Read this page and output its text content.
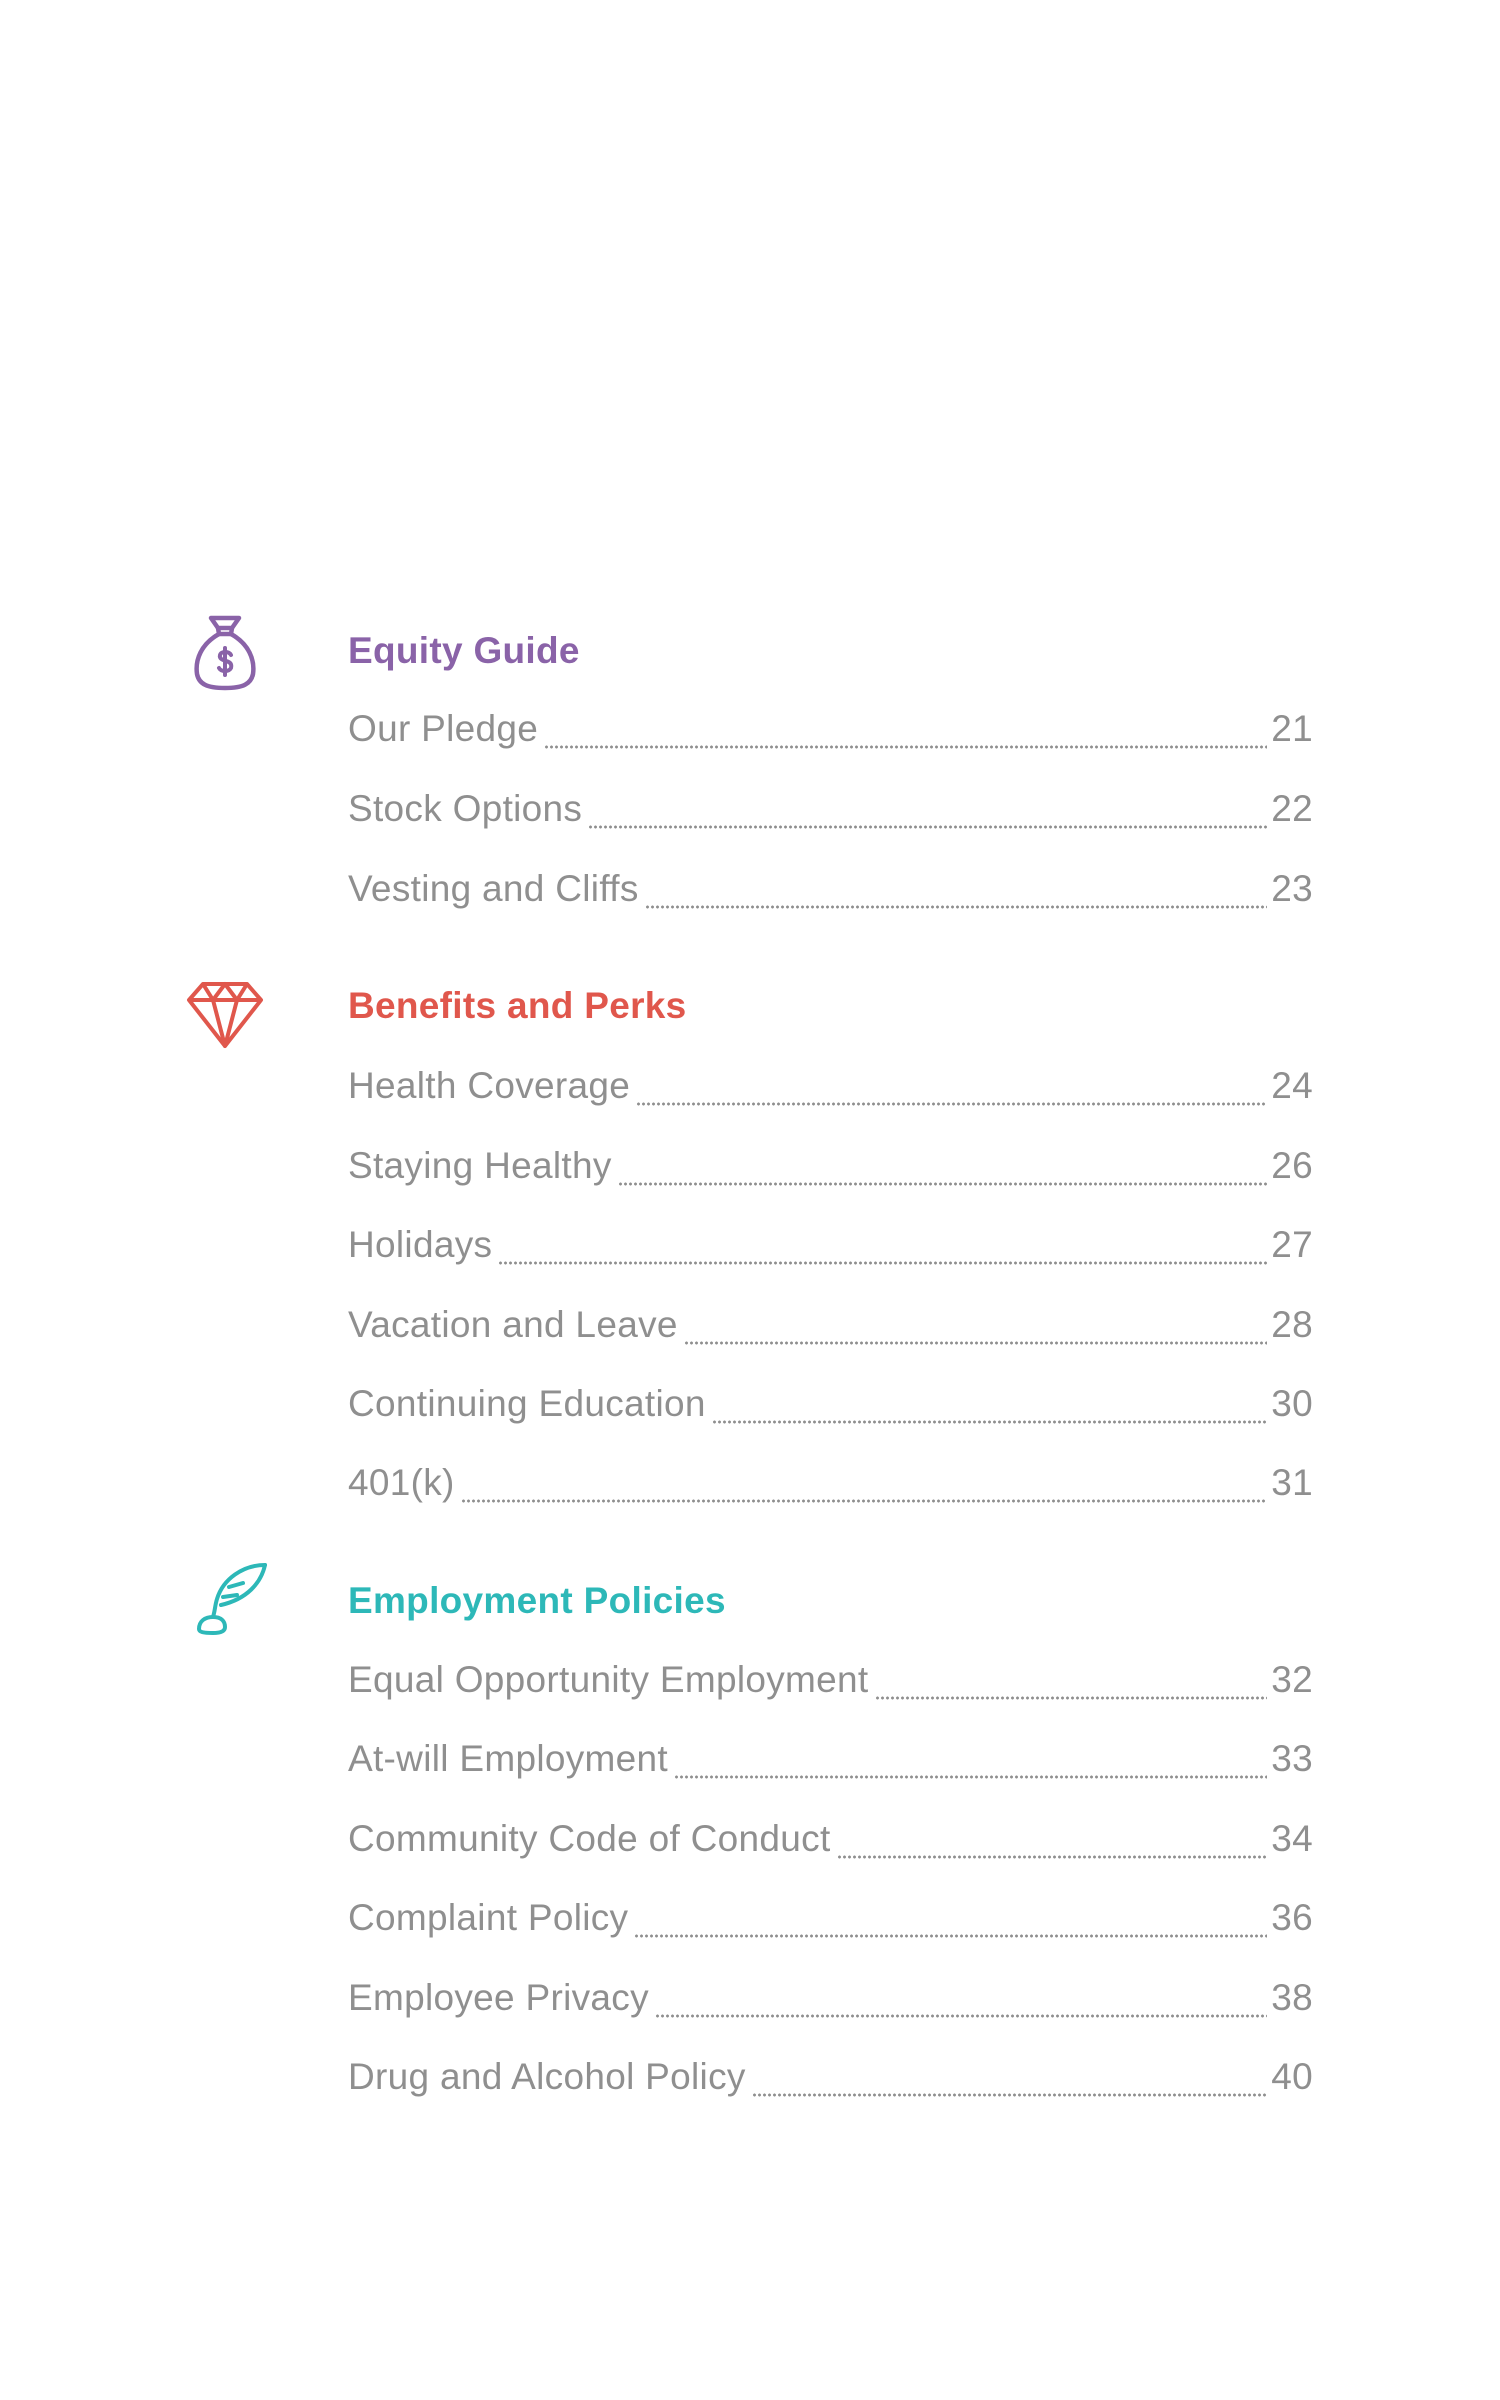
Equity Guide
Our Pledge	21
Stock Options	22
Vesting and Cliffs	23
Benefits and Perks
Health Coverage	24
Staying Healthy	26
Holidays	27
Vacation and Leave	28
Continuing Education	30
401(k)	31
Employment Policies
Equal Opportunity Employment	32
At-will Employment	33
Community Code of Conduct	34
Complaint Policy	36
Employee Privacy	38
Drug and Alcohol Policy	40
